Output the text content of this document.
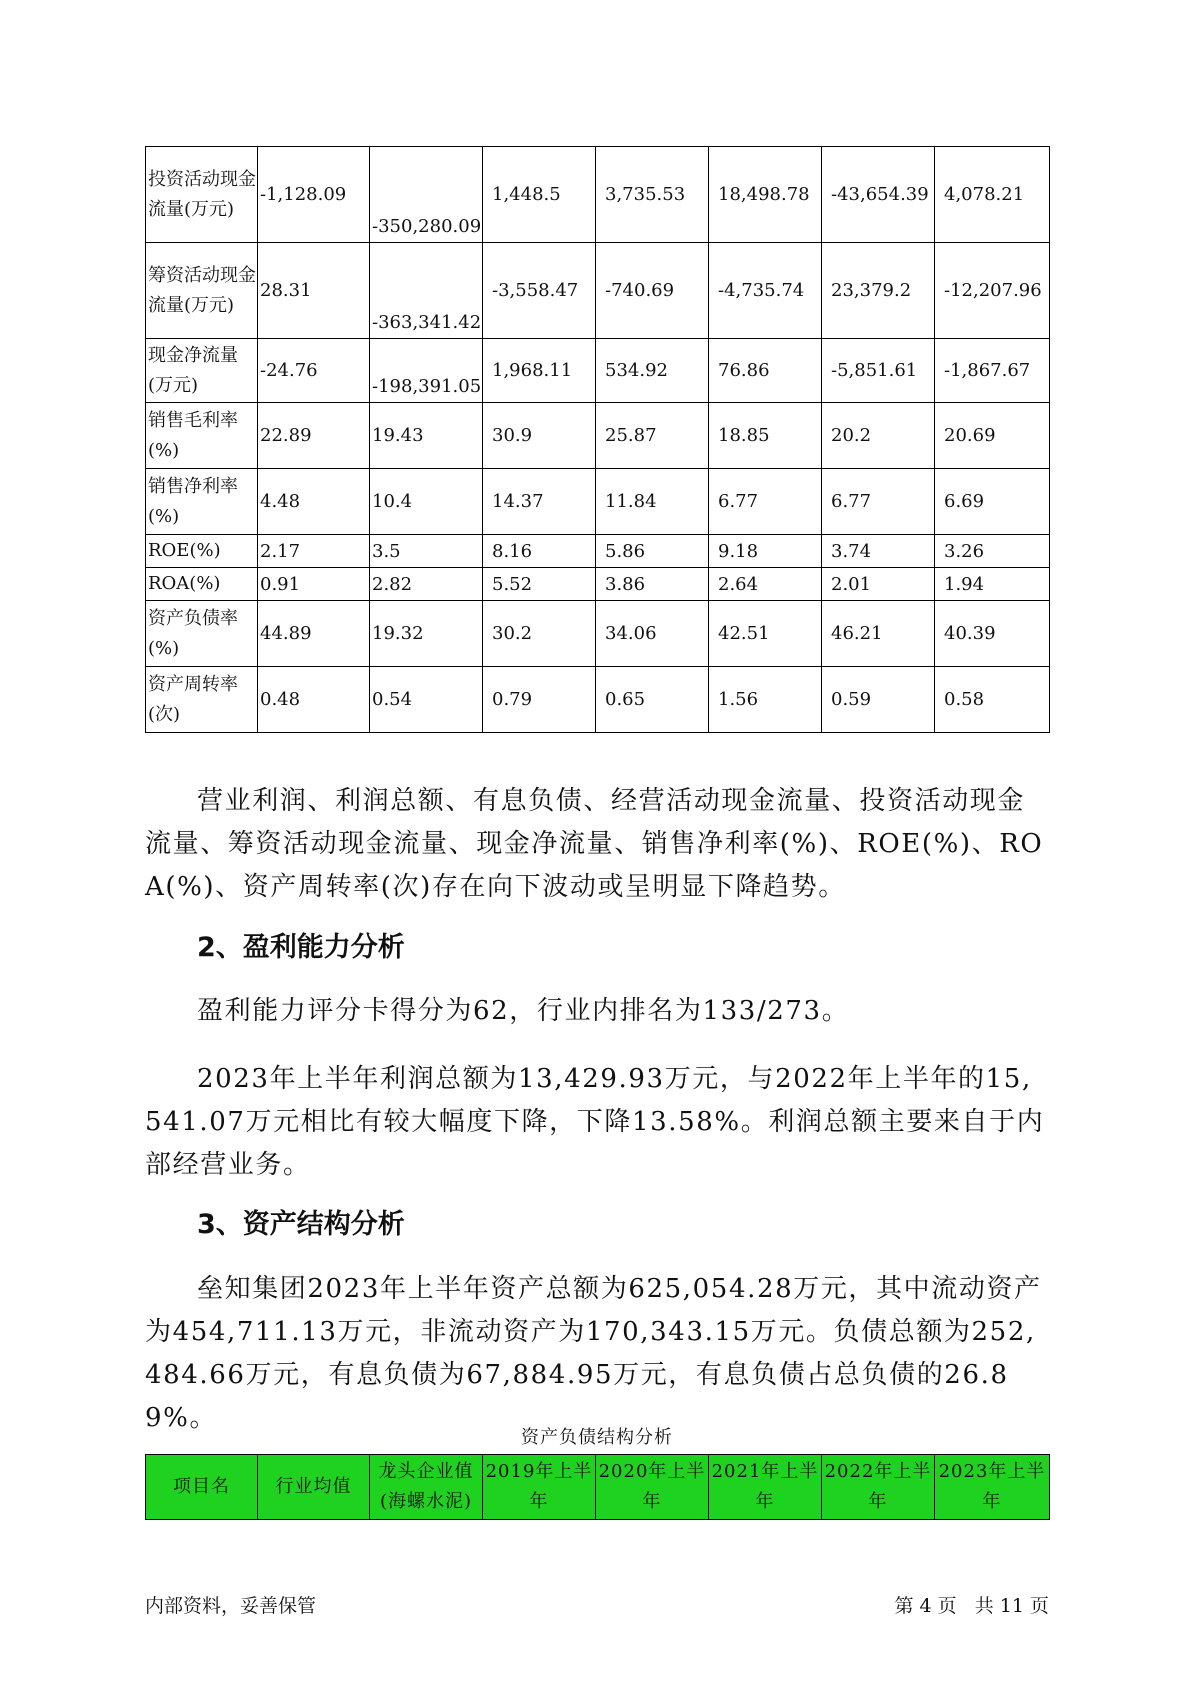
投资活动现金流量(万元)	-1,128.09	-350,280.09	1,448.5	3,735.53	18,498.78	-43,654.39	4,078.21
筹资活动现金流量(万元)	28.31	-363,341.42	-3,558.47	-740.69	-4,735.74	23,379.2	-12,207.96
现金净流量(万元)	-24.76	-198,391.05	1,968.11	534.92	76.86	-5,851.61	-1,867.67
销售毛利率(%)	22.89	19.43	30.9	25.87	18.85	20.2	20.69
销售净利率(%)	4.48	10.4	14.37	11.84	6.77	6.77	6.69
ROE(%)	2.17	3.5	8.16	5.86	9.18	3.74	3.26
ROA(%)	0.91	2.82	5.52	3.86	2.64	2.01	1.94
资产负债率(%)	44.89	19.32	30.2	34.06	42.51	46.21	40.39
资产周转率(次)	0.48	0.54	0.79	0.65	1.56	0.59	0.58

营业利润、利润总额、有息负债、经营活动现金流量、投资活动现金流量、筹资活动现金流量、现金净流量、销售净利率(%)、ROE(%)、ROA(%)、资产周转率(次)存在向下波动或呈明显下降趋势。

2、盈利能力分析

盈利能力评分卡得分为62，行业内排名为133/273。

2023年上半年利润总额为13,429.93万元，与2022年上半年的15,541.07万元相比有较大幅度下降，下降13.58%。利润总额主要来自于内部经营业务。

3、资产结构分析

垒知集团2023年上半年资产总额为625,054.28万元，其中流动资产为454,711.13万元，非流动资产为170,343.15万元。负债总额为252,484.66万元，有息负债为67,884.95万元，有息负债占总负债的26.89%。

资产负债结构分析

项目名	行业均值	龙头企业值(海螺水泥)	2019年上半年	2020年上半年	2021年上半年	2022年上半年	2023年上半年

内部资料，妥善保管	第 4 页   共 11 页
